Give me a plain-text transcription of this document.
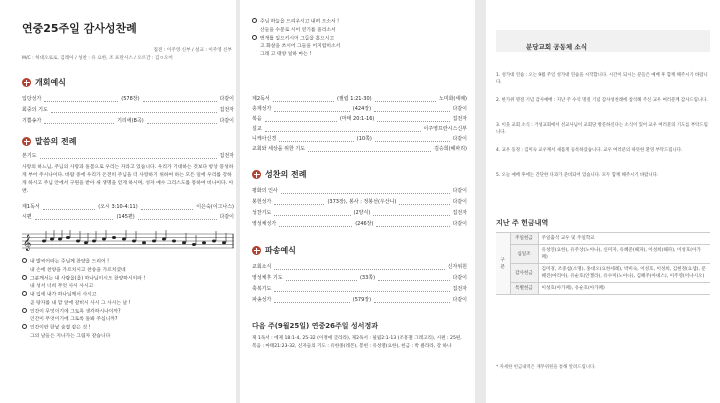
연중25주일 감사성찬례
집전 : 이주영 신부 / 설교 : 이주영 신부
M/C : 허대오로로, 김레아 / 성찬 : 유 요한, 조 프란시스 / 오르간 : 김ㅇ오어
개회예식
입당성가	(578장)	다같이
회중의 기도	집전자
기쁨송가	기리에(B곡)	다같이
말씀의 전례
본기도	집전자
사랑의 하느님, 주님의 사랑과 돌봄으로 우리는 자라고 있습니다. 우리가 기대하는 것보다 항상 풍성하게 부어 주시나이다. 바람 중에 우리가 온전히 주님을 더 사랑하기 위하여 하는 모든 일에 우리를 강하게 하시고 주님 안에서 구원을 받아 새 생명을 얻게 하시며, 성자 예수 그리스도를 통하여 비나이다. 아멘.
제1독서	(오시 3:10-4:11)	이은숙(이그나스)
시편	(145편)	다같이
𝄞
내 발씨어라는 주님께 찬양을 드리어 !
내 손에 찬양을 가르치시고 찬송을 가르치셨네
그분께서는 내 사람을(을) 하나님이시오 찬양하시이라 !
내 성서 너희 무엇 사시 사시고
내 입에 내가 하나님께서 사시고
곧 탕자를 내 맘 앞에 갈비시 사시 그 사시는 날 !
인간이 무엇이기에 그토록 생각하시나이까?
인간이 무엇이기에 그토록 돌봐 주십니까?
인간이란 한낱 숨결 같은 것 !
그의 날들은 지나가는 그림자 같습니다
주님 하늘을 드리우시고 내려 오소서 !
산들을 수문로 시어 연기를 올리소서
번개를 일으키시어 그들을 흩으시고
고 화살을 쏘시어 그들을 어지럽히소서
그래 고 태양 일하 마는 !
제2독서	(필립 1:21-30)	노미화(세례)
층계성가	(424장)	다같이
복음	(마태 20:1-16)	집전자
설교	이주영프란시스신부
니케아신경	(10쪽)	다같이
교회와 세상을 위한 기도	김승희(헤파리)
성찬의 전례
평화의 인사	다같이
봉헌성가	(373장), 봉사 : 정봉선(우산니)	다같이
성찬기도	(2양식)	집전자
영성체성가	(246장)	다같이
파송예식
교회소식	신자위원
영성체후 기도	(33쪽)	다같이
축복기도	집전자
파송성가	(579장)	다같이
다음 주(9월25일) 연중26주일 성서정과
제 1독서 : 에제 18:1-4, 25-32 (이정애 글라라), 제2독서 : 필립2:1-13 (조흥철 그레고리), 시편 : 25편,
복음 : 마태21:23-32, 신자들의 기도 : 유한종(레몬), 봉헌 : 유성열(요한), 헌금 : 박 클라라, 강 하나
분당교회 공동체 소식
1. 성가대 연습 : 오는 9월 주일 성가대 연습을 시작합니다. 시간이 되시는 분들은 예배 후 함께 해주시기 바랍니다.
2. 한가위 명절 기념 감사예배 : 지난 주 수석 명절 기념 감사성찬례에 참석해 주신 교우 여러분께 감사드립니다.
3. 이웃 교회 소식 : 거성교회에서 선교사님이 교회당 방문하신다는 소식이 있어 교우 여러분의 기도를 부탁드립니다.
4. 교우 동정 : 김미숙 교우께서 새롭게 등록하셨습니다. 교우 여러분의 따뜻한 환영 부탁드립니다.
5. 오늘 예배 후에는 간단한 다과가 준비되어 있습니다. 모두 함께 해주시기 바랍니다.
지난 주 헌금내역
구분	주일헌금	주일출석 교우 및 주일학교
	십일조	유성연(요한), 유주상(노아나), 신미자, 유혜준(헤파), 이성희(헤파), 이성호(아가페)
	감사헌금	김미경, 조중섭(소명), 홍대오(요한세례), 박미숙, 이성호, 이성희, 김현정(요셉), 문혜진(마리아), 유순호(안젤라), 유수미(노아나), 김혜주(아녜스), 이주영(이냐시오)
	특별헌금	이성호(아가페), 유순호(아가페)
* 자세한 헌금내역은 재무위원을 통해 알려드립니다.
